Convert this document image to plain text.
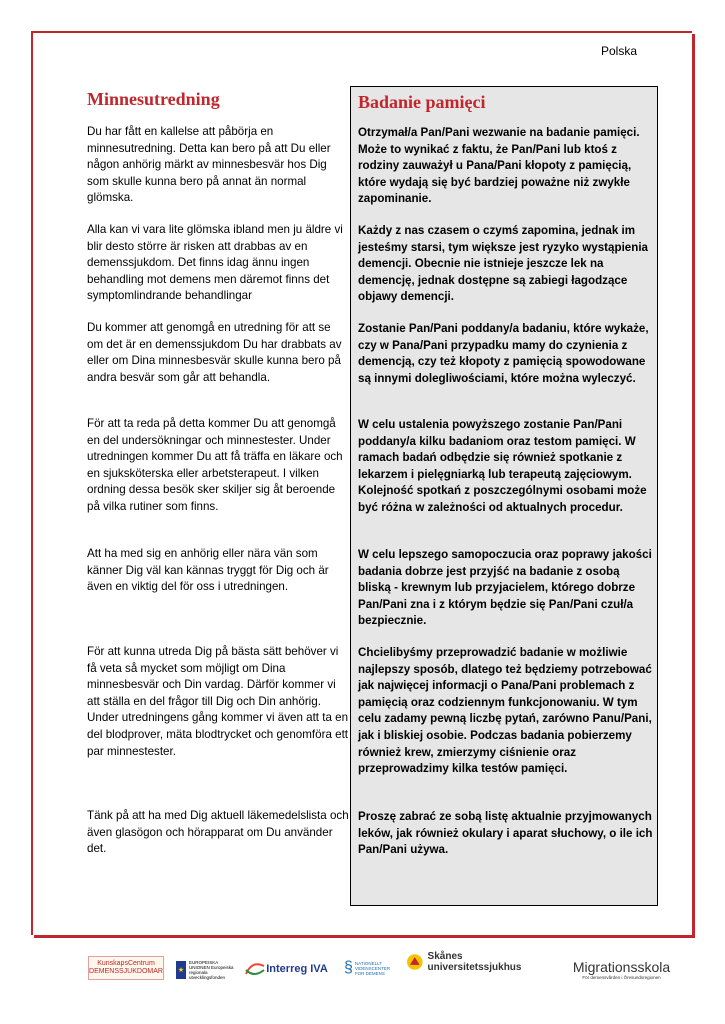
Polska
Minnesutredning

Du har fått en kallelse att påbörja en minnesutredning. Detta kan bero på att Du eller någon anhörig märkt av minnesbesvär hos Dig som skulle kunna bero på annat än normal glömska.

Alla kan vi vara lite glömska ibland men ju äldre vi blir desto större är risken att drabbas av en demenssjukdom. Det finns idag ännu ingen behandling mot demens men däremot finns det symptomlindrande behandlingar

Du kommer att genomgå en utredning för att se om det är en demenssjukdom Du har drabbats av eller om Dina minnesbesvär skulle kunna bero på andra besvär som går att behandla.

För att ta reda på detta kommer Du att genomgå en del undersökningar och minnestester. Under utredningen kommer Du att få träffa en läkare och en sjuksköterska eller arbetsterapeut. I vilken ordning dessa besök sker skiljer sig åt beroende på vilka rutiner som finns.

Att ha med sig en anhörig eller nära vän som känner Dig väl kan kännas tryggt för Dig och är även en viktig del för oss i utredningen.

För att kunna utreda Dig på bästa sätt behöver vi få veta så mycket som möjligt om Dina minnesbesvär och Din vardag. Därför kommer vi att ställa en del frågor till Dig och Din anhörig. Under utredningens gång kommer vi även att ta en del blodprover, mäta blodtrycket och genomföra ett par minnestester.

Tänk på att ha med Dig aktuell läkemedelslista och även glasögon och hörapparat om Du använder det.

Badanie pamięci

Otrzymał/a Pan/Pani wezwanie na badanie pamięci. Może to wynikać z faktu, że Pan/Pani lub ktoś z rodziny zauważył u Pana/Pani kłopoty z pamięcią, które wydają się być bardziej poważne niż zwykłe zapominanie.

Każdy z nas czasem o czymś zapomina, jednak im jesteśmy starsi, tym większe jest ryzyko wystąpienia demencji. Obecnie nie istnieje jeszcze lek na demencję, jednak dostępne są zabiegi łagodzące objawy demencji.

Zostanie Pan/Pani poddany/a badaniu, które wykaże, czy w Pana/Pani przypadku mamy do czynienia z demencją, czy też kłopoty z pamięcią spowodowane są innymi dolegliwościami, które można wyleczyć.

W celu ustalenia powyższego zostanie Pan/Pani poddany/a kilku badaniom oraz testom pamięci. W ramach badań odbędzie się również spotkanie z lekarzem i pielęgniarką lub terapeutą zajęciowym. Kolejność spotkań z poszczególnymi osobami może być różna w zależności od aktualnych procedur.

W celu lepszego samopoczucia oraz poprawy jakości badania dobrze jest przyjść na badanie z osobą bliską - krewnym lub przyjacielem, którego dobrze Pan/Pani zna i z którym będzie się Pan/Pani czuł/a bezpiecznie.

Chcielibyśmy przeprowadzić badanie w możliwie najlepszy sposób, dlatego też będziemy potrzebować jak najwięcej informacji o Pana/Pani problemach z pamięcią oraz codziennym funkcjonowaniu. W tym celu zadamy pewną liczbę pytań, zarówno Panu/Pani, jak i bliskiej osobie. Podczas badania pobierzemy również krew, zmierzymy ciśnienie oraz przeprowadzimy kilka testów pamięci.

Proszę zabrać ze sobą listę aktualnie przyjmowanych leków, jak również okulary i aparat słuchowy, o ile ich Pan/Pani używa.

KunskapsCentrum DEMENSSJUKDOMAR ★
EUROPEISKA UNIONEN Europeiska regionala utvecklingsfonden
Interreg IVA § NATIONELLT VIDENSCENTER FOR DEMENS
Skånes universitetssjukhus	Migrationsskola
För demensvården i Öresundsregionen
